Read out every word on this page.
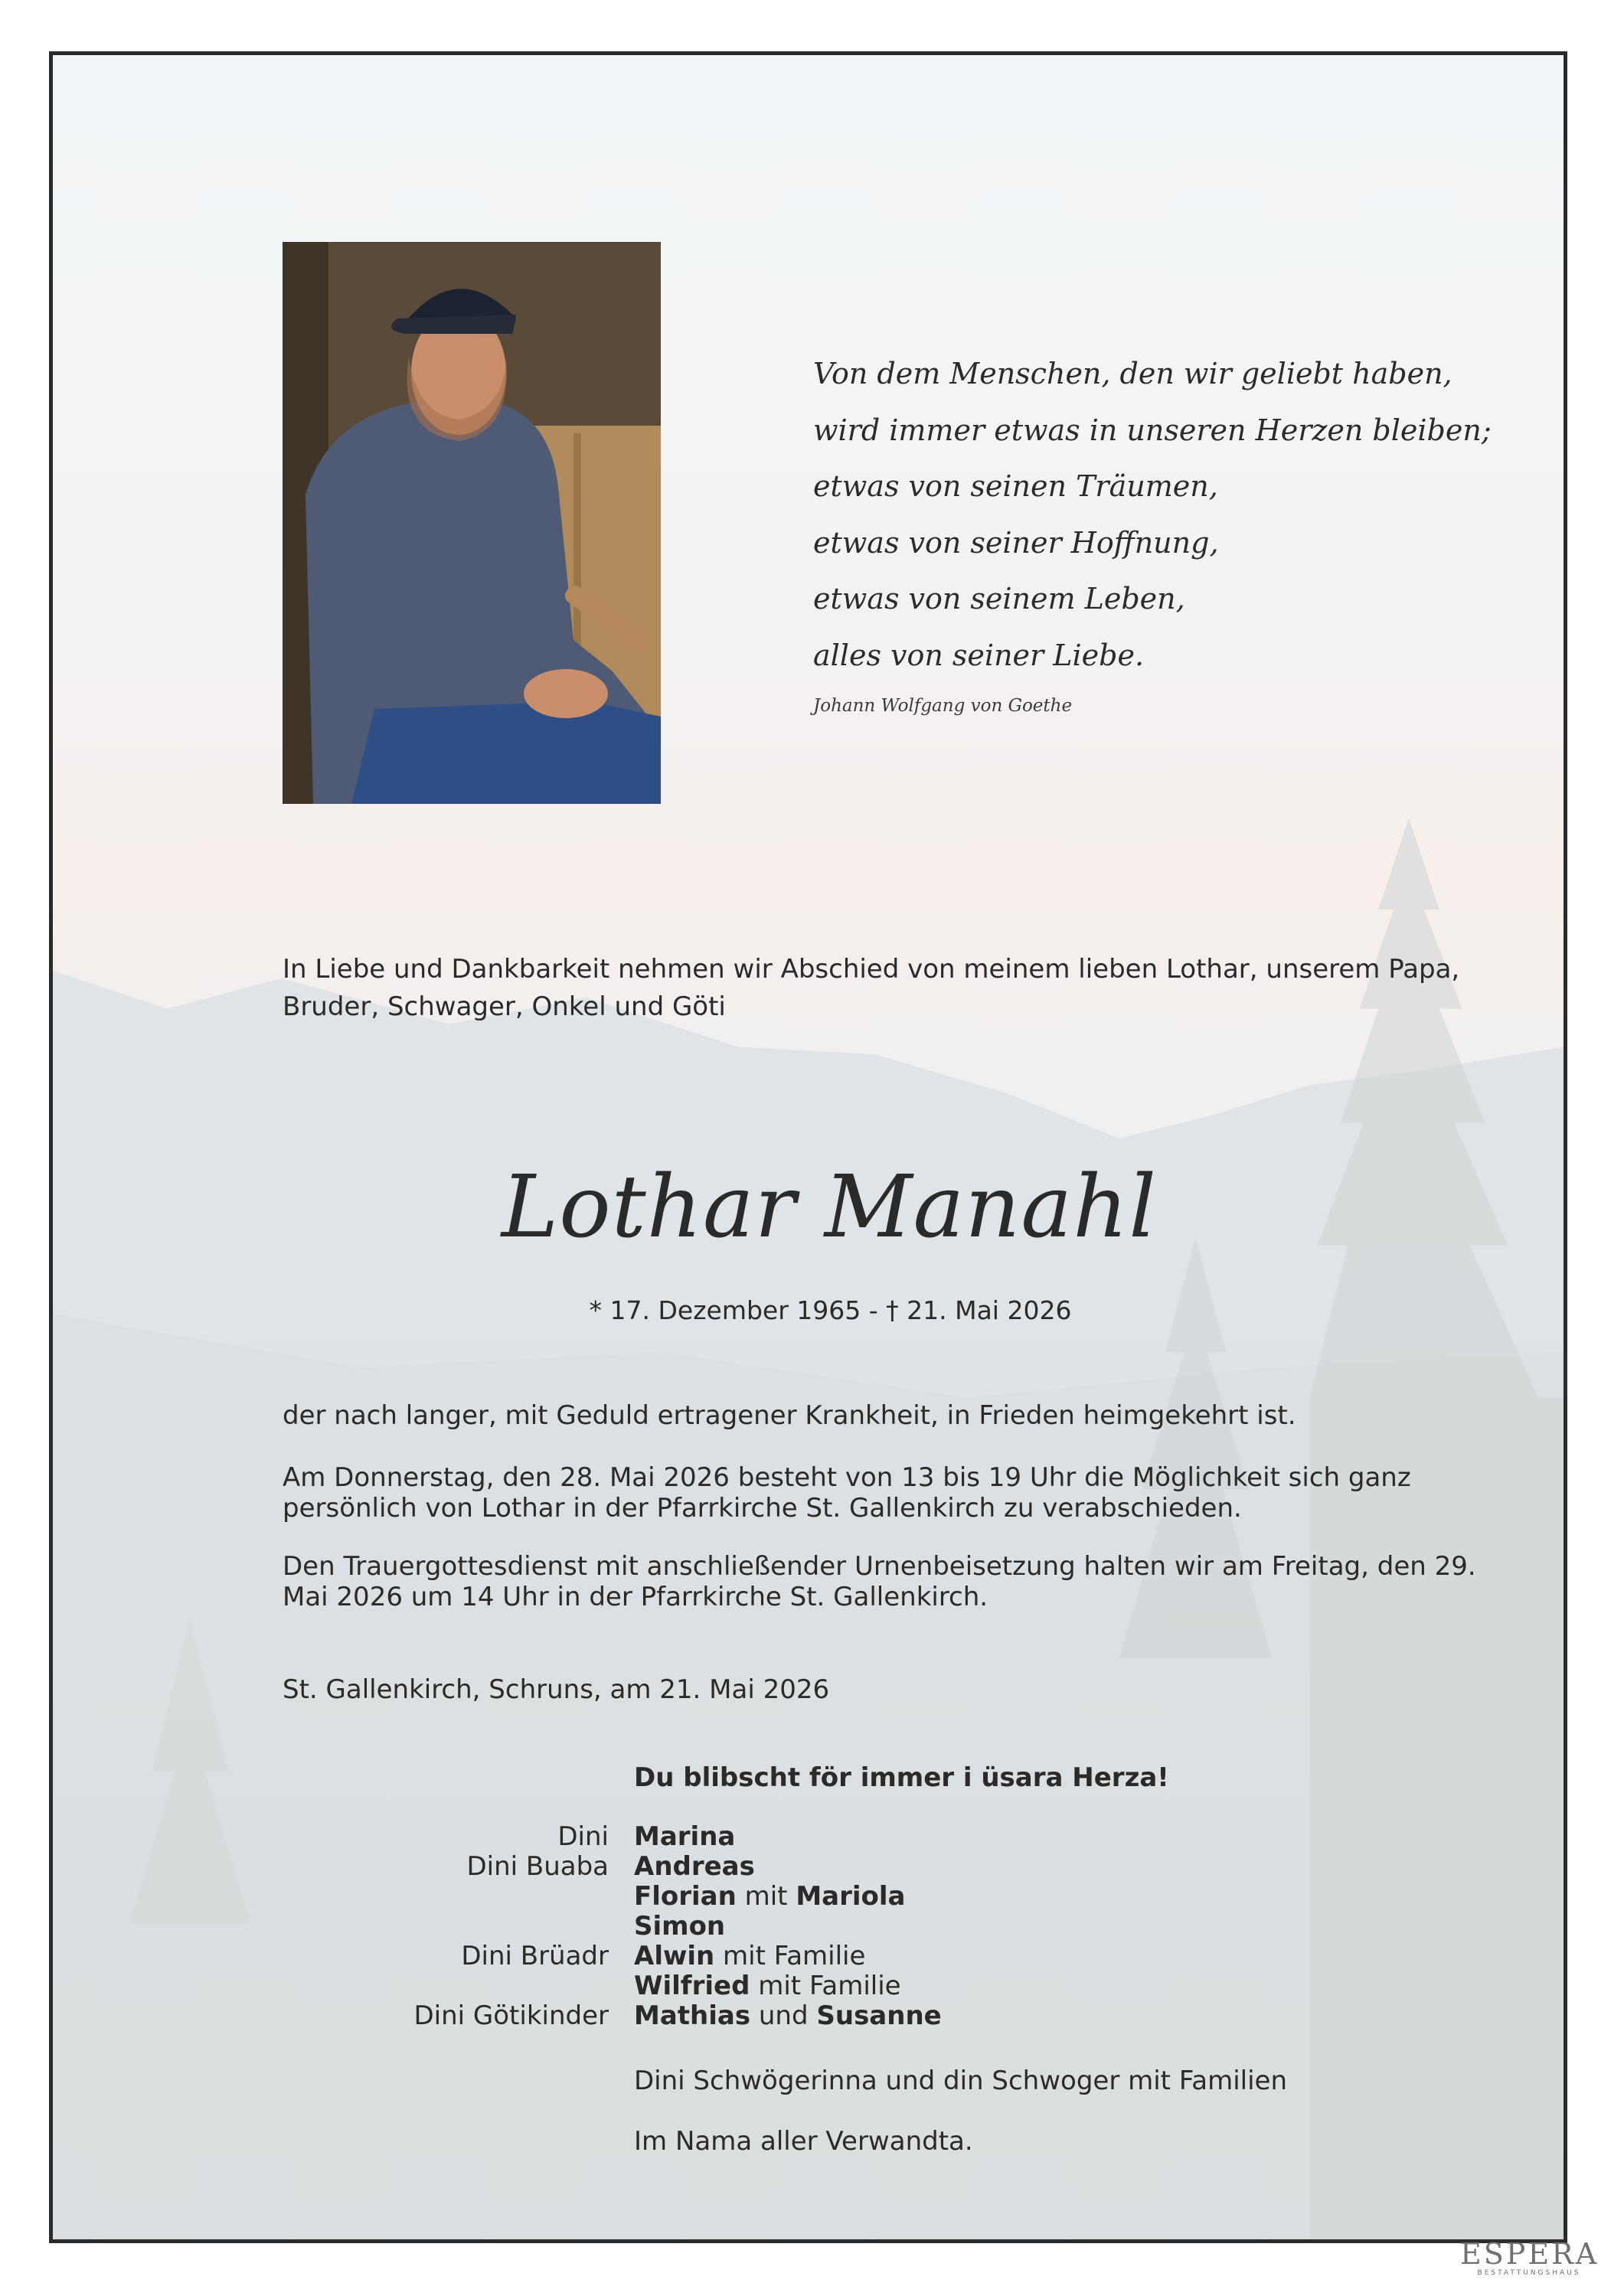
Von dem Menschen, den wir geliebt haben,
wird immer etwas in unseren Herzen bleiben;
etwas von seinen Träumen,
etwas von seiner Hoffnung,
etwas von seinem Leben,
alles von seiner Liebe.
Johann Wolfgang von Goethe
In Liebe und Dankbarkeit nehmen wir Abschied von meinem lieben Lothar, unserem Papa, Bruder, Schwager, Onkel und Göti
Lothar Manahl
* 17. Dezember 1965 - † 21. Mai 2026
der nach langer, mit Geduld ertragener Krankheit, in Frieden heimgekehrt ist.
Am Donnerstag, den 28. Mai 2026 besteht von 13 bis 19 Uhr die Möglichkeit sich ganz persönlich von Lothar in der Pfarrkirche St. Gallenkirch zu verabschieden.
Den Trauergottesdienst mit anschließender Urnenbeisetzung halten wir am Freitag, den 29. Mai 2026 um 14 Uhr in der Pfarrkirche St. Gallenkirch.
St. Gallenkirch, Schruns, am 21. Mai 2026
Du blibscht för immer i üsara Herza!
Dini Marina
Dini Buaba Andreas
Florian mit Mariola
Simon
Dini Brüadr Alwin mit Familie
Wilfried mit Familie
Dini Götikinder Mathias und Susanne
Dini Schwögerinna und din Schwoger mit Familien
Im Nama aller Verwandta.
ESPERA
BESTATTUNGSHAUS
